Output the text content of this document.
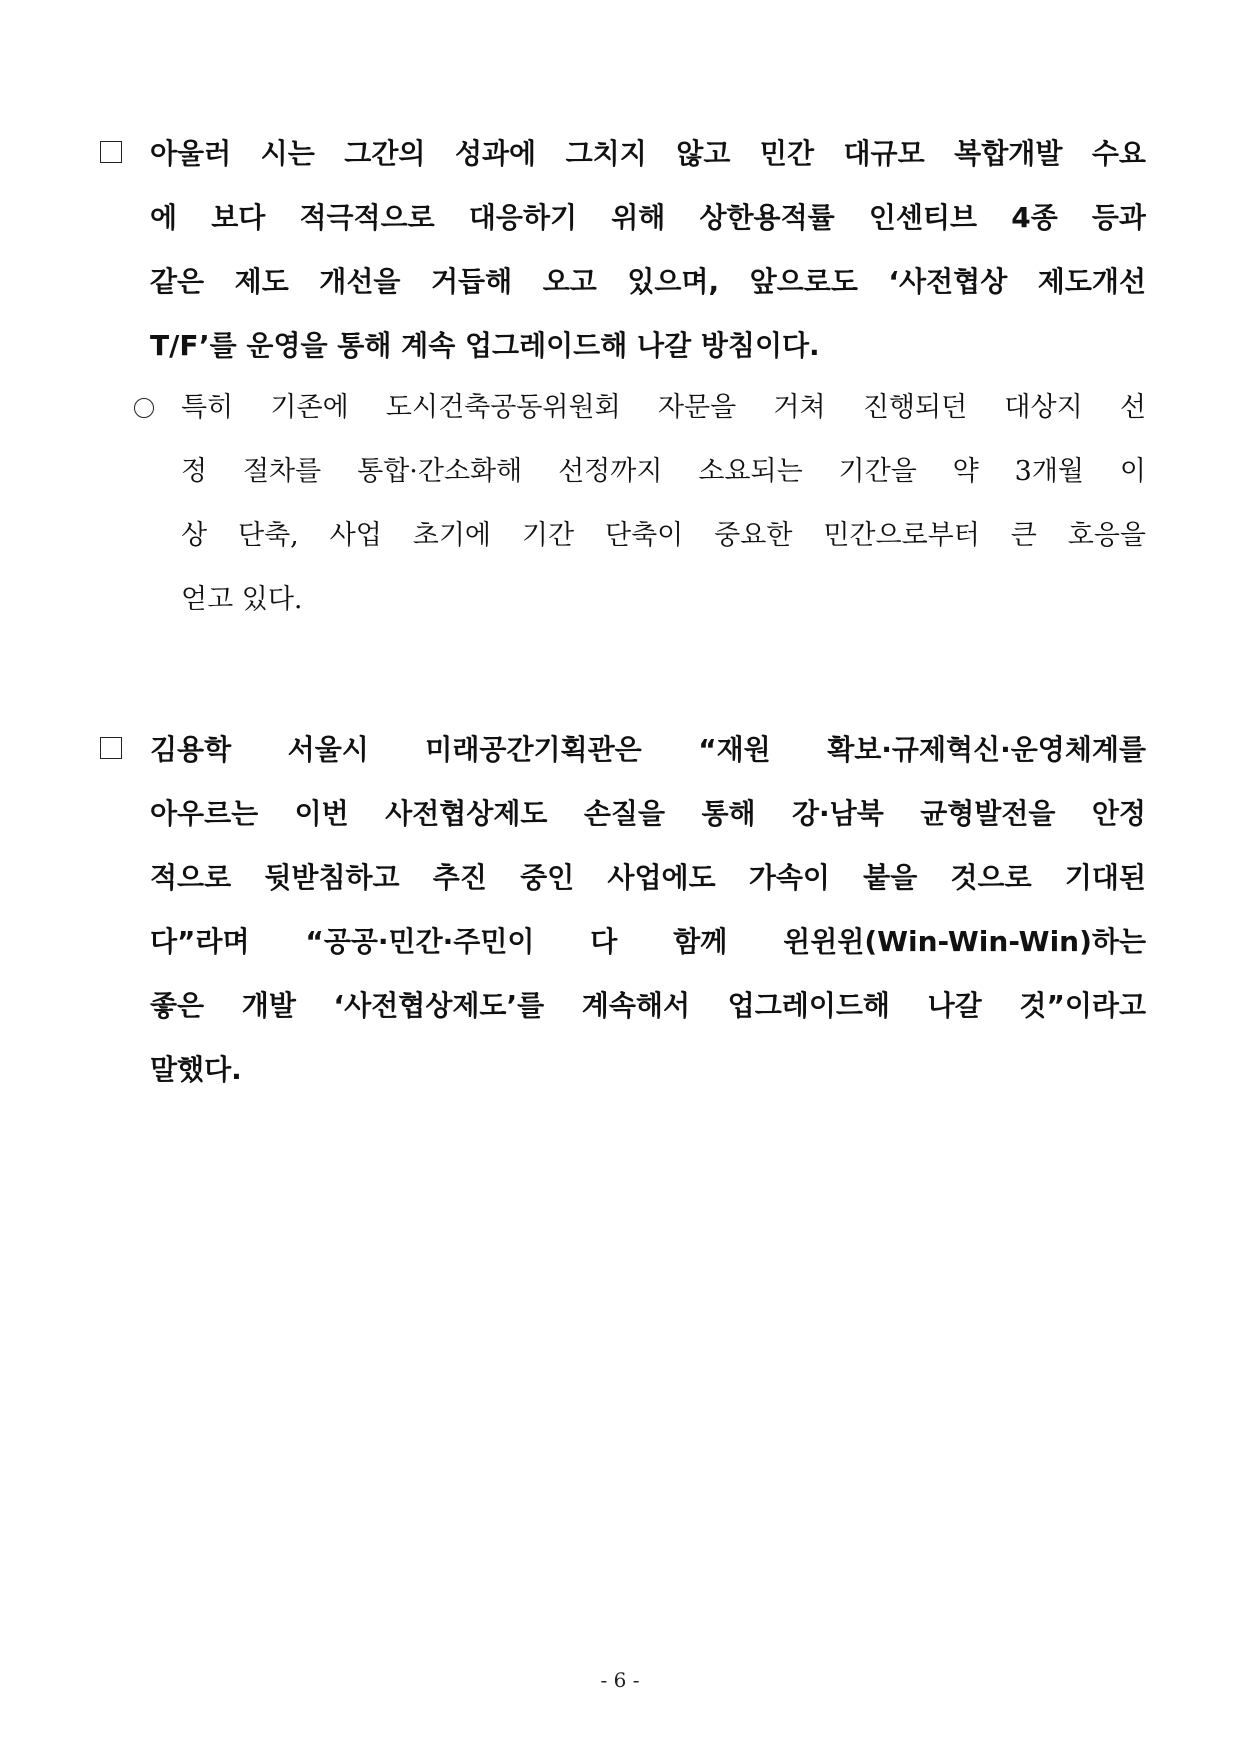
아울러 시는 그간의 성과에 그치지 않고 민간 대규모 복합개발 수요
에 보다 적극적으로 대응하기 위해 상한용적률 인센티브 4종 등과
같은 제도 개선을 거듭해 오고 있으며, 앞으로도 ‘사전협상 제도개선
T/F’를 운영을 통해 계속 업그레이드해 나갈 방침이다.
특히 기존에 도시건축공동위원회 자문을 거쳐 진행되던 대상지 선
정 절차를 통합·간소화해 선정까지 소요되는 기간을 약 3개월 이
상 단축, 사업 초기에 기간 단축이 중요한 민간으로부터 큰 호응을
얻고 있다.
김용학 서울시 미래공간기획관은 “재원 확보·규제혁신·운영체계를
아우르는 이번 사전협상제도 손질을 통해 강·남북 균형발전을 안정
적으로 뒷받침하고 추진 중인 사업에도 가속이 붙을 것으로 기대된
다”라며 “공공·민간·주민이 다 함께 윈윈윈(Win-Win-Win)하는
좋은 개발 ‘사전협상제도’를 계속해서 업그레이드해 나갈 것”이라고
말했다.
- 6 -
